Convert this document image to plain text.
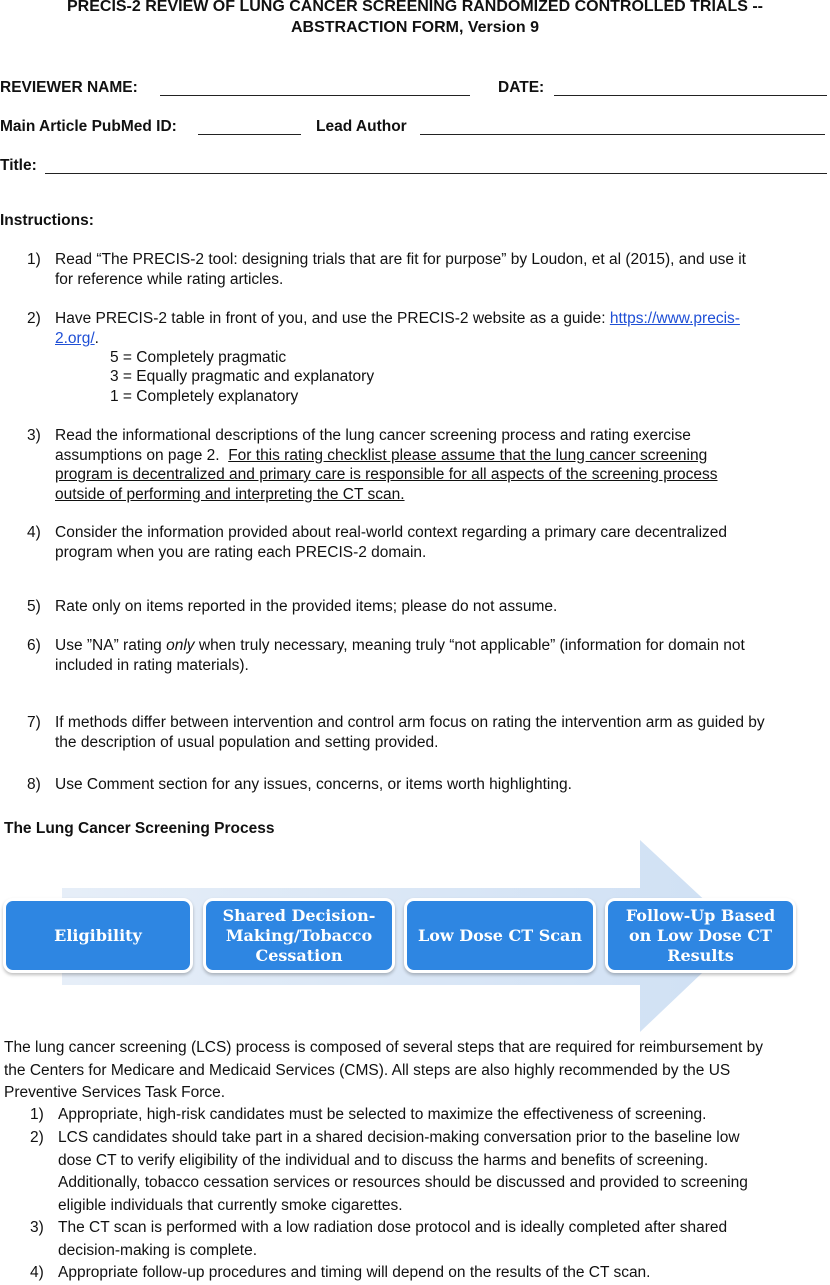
PRECIS-2 REVIEW OF LUNG CANCER SCREENING RANDOMIZED CONTROLLED TRIALS --
ABSTRACTION FORM, Version 9
REVIEWER NAME:	DATE:
Main Article PubMed ID:	Lead Author
Title:
Instructions:
1) Read “The PRECIS-2 tool: designing trials that are fit for purpose” by Loudon, et al (2015), and use it
for reference while rating articles.
2) Have PRECIS-2 table in front of you, and use the PRECIS-2 website as a guide: https://www.precis-
2.org/.
5 = Completely pragmatic
3 = Equally pragmatic and explanatory
1 = Completely explanatory
3) Read the informational descriptions of the lung cancer screening process and rating exercise
assumptions on page 2.  For this rating checklist please assume that the lung cancer screening
program is decentralized and primary care is responsible for all aspects of the screening process
outside of performing and interpreting the CT scan.
4) Consider the information provided about real-world context regarding a primary care decentralized
program when you are rating each PRECIS-2 domain.
5) Rate only on items reported in the provided items; please do not assume.
6) Use ”NA” rating only when truly necessary, meaning truly “not applicable” (information for domain not
included in rating materials).
7) If methods differ between intervention and control arm focus on rating the intervention arm as guided by
the description of usual population and setting provided.
8) Use Comment section for any issues, concerns, or items worth highlighting.
The Lung Cancer Screening Process
Eligibility
Shared Decision-Making/Tobacco Cessation
Low Dose CT Scan
Follow-Up Based on Low Dose CT Results
The lung cancer screening (LCS) process is composed of several steps that are required for reimbursement by
the Centers for Medicare and Medicaid Services (CMS). All steps are also highly recommended by the US
Preventive Services Task Force.
1) Appropriate, high-risk candidates must be selected to maximize the effectiveness of screening.
2) LCS candidates should take part in a shared decision-making conversation prior to the baseline low
dose CT to verify eligibility of the individual and to discuss the harms and benefits of screening.
Additionally, tobacco cessation services or resources should be discussed and provided to screening
eligible individuals that currently smoke cigarettes.
3) The CT scan is performed with a low radiation dose protocol and is ideally completed after shared
decision-making is complete.
4) Appropriate follow-up procedures and timing will depend on the results of the CT scan.
